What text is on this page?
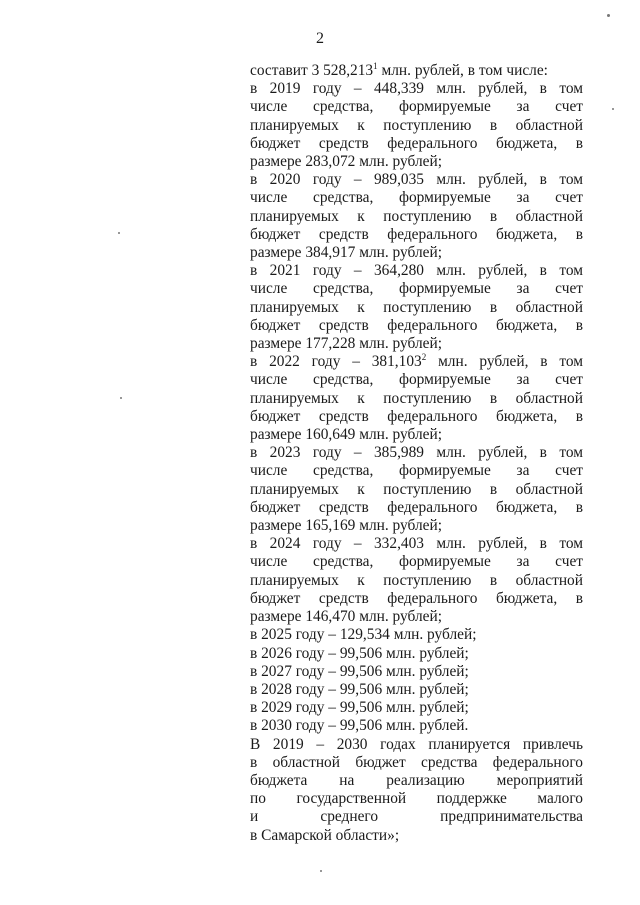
2
составит 3 528,213$^1$ млн. рублей, в том числе:
в 2019 году – 448,339 млн. рублей, в том
числе средства, формируемые за счет
планируемых к поступлению в областной
бюджет средств федерального бюджета, в
размере 283,072 млн. рублей;
в 2020 году – 989,035 млн. рублей, в том
числе средства, формируемые за счет
планируемых к поступлению в областной
бюджет средств федерального бюджета, в
размере 384,917 млн. рублей;
в 2021 году – 364,280 млн. рублей, в том
числе средства, формируемые за счет
планируемых к поступлению в областной
бюджет средств федерального бюджета, в
размере 177,228 млн. рублей;
в 2022 году – 381,103$^2$ млн. рублей, в том
числе средства, формируемые за счет
планируемых к поступлению в областной
бюджет средств федерального бюджета, в
размере 160,649 млн. рублей;
в 2023 году – 385,989 млн. рублей, в том
числе средства, формируемые за счет
планируемых к поступлению в областной
бюджет средств федерального бюджета, в
размере 165,169 млн. рублей;
в 2024 году – 332,403 млн. рублей, в том
числе средства, формируемые за счет
планируемых к поступлению в областной
бюджет средств федерального бюджета, в
размере 146,470 млн. рублей;
в 2025 году – 129,534 млн. рублей;
в 2026 году – 99,506 млн. рублей;
в 2027 году – 99,506 млн. рублей;
в 2028 году – 99,506 млн. рублей;
в 2029 году – 99,506 млн. рублей;
в 2030 году – 99,506 млн. рублей.
В 2019 – 2030 годах планируется привлечь
в областной бюджет средства федерального
бюджета на реализацию мероприятий
по государственной поддержке малого
и среднего предпринимательства
в Самарской области»;
